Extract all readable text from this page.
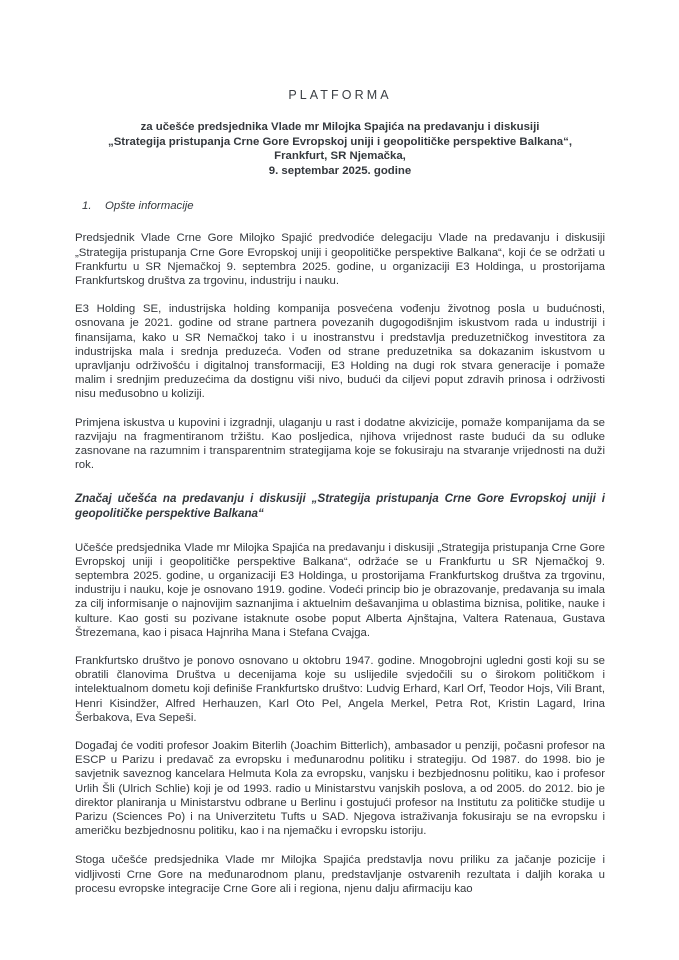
PLATFORMA
za učešće predsjednika Vlade mr Milojka Spajića na predavanju i diskusiji
„Strategija pristupanja Crne Gore Evropskoj uniji i geopolitičke perspektive Balkana“,
Frankfurt, SR Njemačka,
9. septembar 2025. godine
1.	Opšte informacije

Predsjednik Vlade Crne Gore Milojko Spajić predvodiće delegaciju Vlade na predavanju i diskusiji „Strategija pristupanja Crne Gore Evropskoj uniji i geopolitičke perspektive Balkana“, koji će se održati u Frankfurtu u SR Njemačkoj 9. septembra 2025. godine, u organizaciji E3 Holdinga, u prostorijama Frankfurtskog društva za trgovinu, industriju i nauku.

E3 Holding SE, industrijska holding kompanija posvećena vođenju životnog posla u budućnosti, osnovana je 2021. godine od strane partnera povezanih dugogodišnjim iskustvom rada u industriji i finansijama, kako u SR Nemačkoj tako i u inostranstvu i predstavlja preduzetničkog investitora za industrijska mala i srednja preduzeća. Vođen od strane preduzetnika sa dokazanim iskustvom u upravljanju održivošću i digitalnoj transformaciji, E3 Holding na dugi rok stvara generacije i pomaže malim i srednjim preduzećima da dostignu viši nivo, budući da ciljevi poput zdravih prinosa i održivosti nisu međusobno u koliziji.

Primjena iskustva u kupovini i izgradnji, ulaganju u rast i dodatne akvizicije, pomaže kompanijama da se razvijaju na fragmentiranom tržištu. Kao posljedica, njihova vrijednost raste budući da su odluke zasnovane na razumnim i transparentnim strategijama koje se fokusiraju na stvaranje vrijednosti na duži rok.

Značaj učešća na predavanju i diskusiji „Strategija pristupanja Crne Gore Evropskoj uniji i geopolitičke perspektive Balkana“

Učešće predsjednika Vlade mr Milojka Spajića na predavanju i diskusiji „Strategija pristupanja Crne Gore Evropskoj uniji i geopolitičke perspektive Balkana“, održaće se u Frankfurtu u SR Njemačkoj 9. septembra 2025. godine, u organizaciji E3 Holdinga, u prostorijama Frankfurtskog društva za trgovinu, industriju i nauku, koje je osnovano 1919. godine. Vodeći princip bio je obrazovanje, predavanja su imala za cilj informisanje o najnovijim saznanjima i aktuelnim dešavanjima u oblastima biznisa, politike, nauke i kulture. Kao gosti su pozivane istaknute osobe poput Alberta Ajnštajna, Valtera Ratenaua, Gustava Štrezemana, kao i pisaca Hajnriha Mana i Stefana Cvajga.

Frankfurtsko društvo je ponovo osnovano u oktobru 1947. godine. Mnogobrojni ugledni gosti koji su se obratili članovima Društva u decenijama koje su uslijedile svjedočili su o širokom političkom i intelektualnom dometu koji definiše Frankfurtsko društvo: Ludvig Erhard, Karl Orf, Teodor Hojs, Vili Brant, Henri Kisindžer, Alfred Herhauzen, Karl Oto Pel, Angela Merkel, Petra Rot, Kristin Lagard, Irina Šerbakova, Eva Sepeši.

Događaj će voditi profesor Joakim Biterlih (Joachim Bitterlich), ambasador u penziji, počasni profesor na ESCP u Parizu i predavač za evropsku i međunarodnu politiku i strategiju. Od 1987. do 1998. bio je savjetnik saveznog kancelara Helmuta Kola za evropsku, vanjsku i bezbjednosnu politiku, kao i profesor Urlih Šli (Ulrich Schlie) koji je od 1993. radio u Ministarstvu vanjskih poslova, a od 2005. do 2012. bio je direktor planiranja u Ministarstvu odbrane u Berlinu i gostujući profesor na Institutu za političke studije u Parizu (Sciences Po) i na Univerzitetu Tufts u SAD. Njegova istraživanja fokusiraju se na evropsku i američku bezbjednosnu politiku, kao i na njemačku i evropsku istoriju.

Stoga učešće predsjednika Vlade mr Milojka Spajića predstavlja novu priliku za jačanje pozicije i vidljivosti Crne Gore na međunarodnom planu, predstavljanje ostvarenih rezultata i daljih koraka u procesu evropske integracije Crne Gore ali i regiona, njenu dalju afirmaciju kao
